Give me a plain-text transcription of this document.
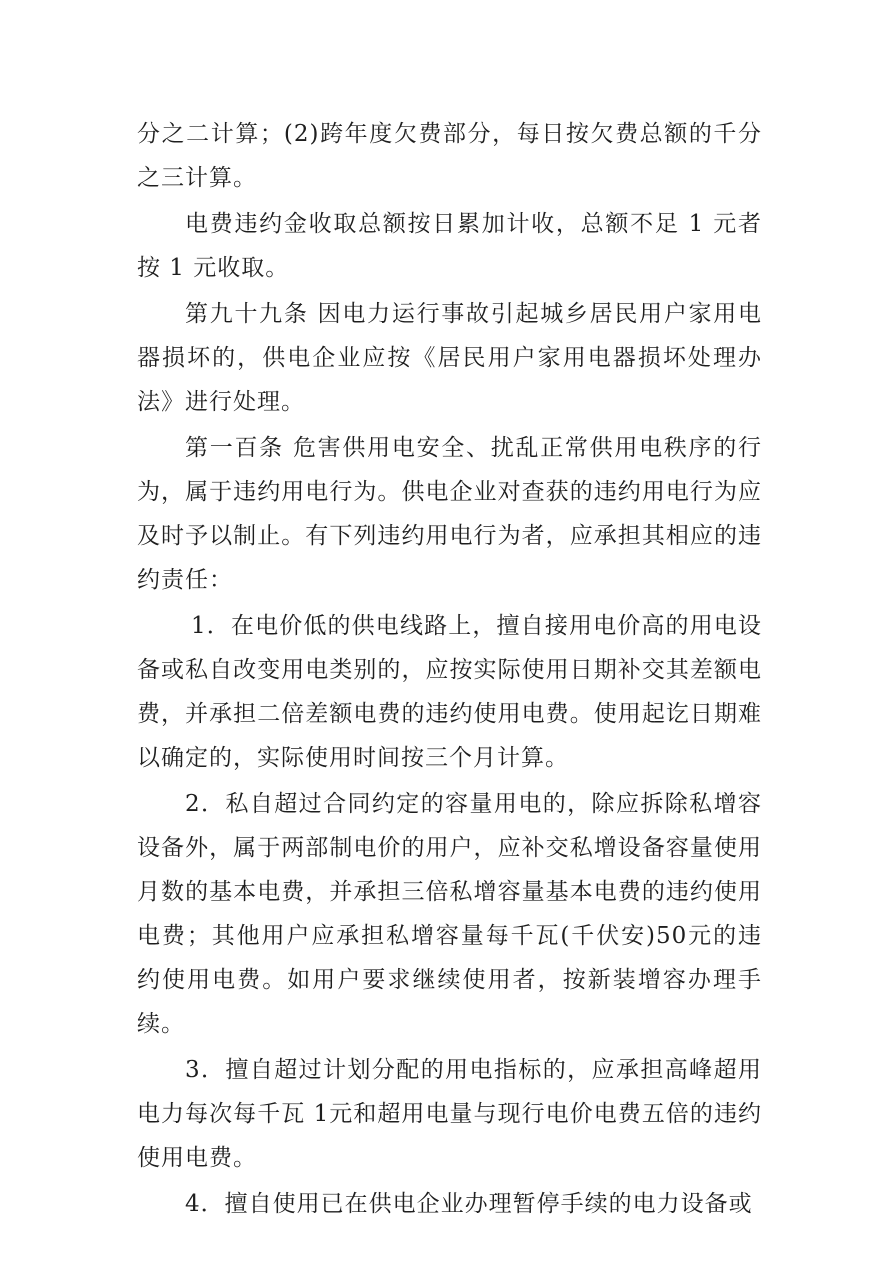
分之二计算；(2)跨年度欠费部分，每日按欠费总额的千分之三计算。

电费违约金收取总额按日累加计收，总额不足 1 元者按 1 元收取。

第九十九条 因电力运行事故引起城乡居民用户家用电器损坏的，供电企业应按《居民用户家用电器损坏处理办法》进行处理。

第一百条 危害供用电安全、扰乱正常供用电秩序的行为，属于违约用电行为。供电企业对查获的违约用电行为应及时予以制止。有下列违约用电行为者，应承担其相应的违约责任：

1．在电价低的供电线路上，擅自接用电价高的用电设备或私自改变用电类别的，应按实际使用日期补交其差额电费，并承担二倍差额电费的违约使用电费。使用起讫日期难以确定的，实际使用时间按三个月计算。

2．私自超过合同约定的容量用电的，除应拆除私增容设备外，属于两部制电价的用户，应补交私增设备容量使用月数的基本电费，并承担三倍私增容量基本电费的违约使用电费；其他用户应承担私增容量每千瓦(千伏安)50元的违约使用电费。如用户要求继续使用者，按新装增容办理手续。

3．擅自超过计划分配的用电指标的，应承担高峰超用电力每次每千瓦 1元和超用电量与现行电价电费五倍的违约使用电费。

4．擅自使用已在供电企业办理暂停手续的电力设备或
